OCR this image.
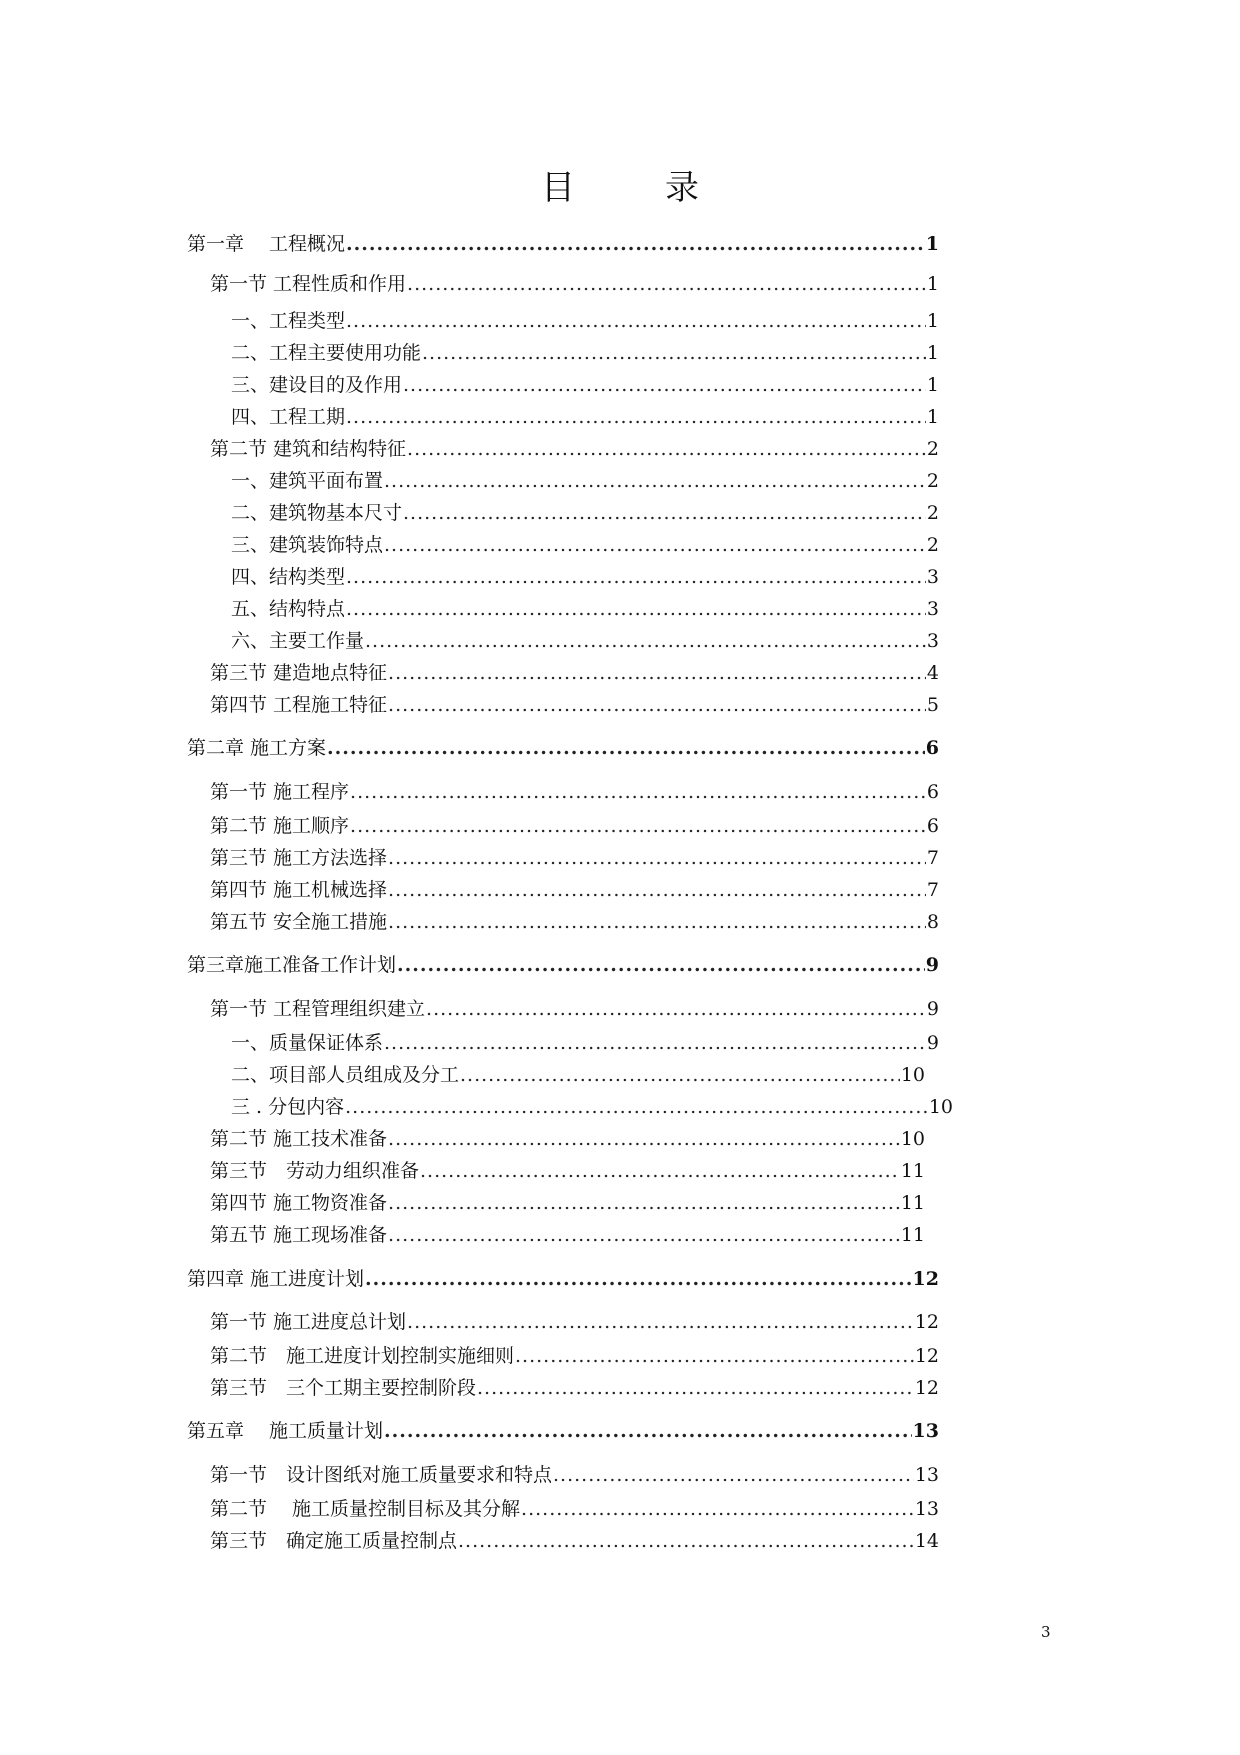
目	录
第一章　 工程概况 .....	1
第一节 工程性质和作用 .....	1
一、工程类型 .....	1
二、工程主要使用功能 .....	1
三、建设目的及作用 .....	1
四、工程工期 .....	1
第二节 建筑和结构特征 .....	2
一、建筑平面布置 .....	2
二、建筑物基本尺寸 .....	2
三、建筑装饰特点 .....	2
四、结构类型 .....	3
五、结构特点 .....	3
六、主要工作量 .....	3
第三节 建造地点特征 .....	4
第四节 工程施工特征 .....	5
第二章 施工方案 .....	6
第一节 施工程序 .....	6
第二节 施工顺序 .....	6
第三节 施工方法选择 .....	7
第四节 施工机械选择 .....	7
第五节 安全施工措施 .....	8
第三章施工准备工作计划 .....	9
第一节 工程管理组织建立 .....	9
一、质量保证体系 .....	9
二、项目部人员组成及分工 .....	10
三 . 分包内容 .....	10
第二节 施工技术准备 .....	10
第三节　劳动力组织准备 .....	11
第四节 施工物资准备 .....	11
第五节 施工现场准备 .....	11
第四章 施工进度计划 .....	12
第一节 施工进度总计划 .....	12
第二节　施工进度计划控制实施细则 .....	12
第三节　三个工期主要控制阶段 .....	12
第五章　 施工质量计划 .....	13
第一节　设计图纸对施工质量要求和特点 .....	13
第二节　 施工质量控制目标及其分解 .....	13
第三节　确定施工质量控制点 .....	14
3
